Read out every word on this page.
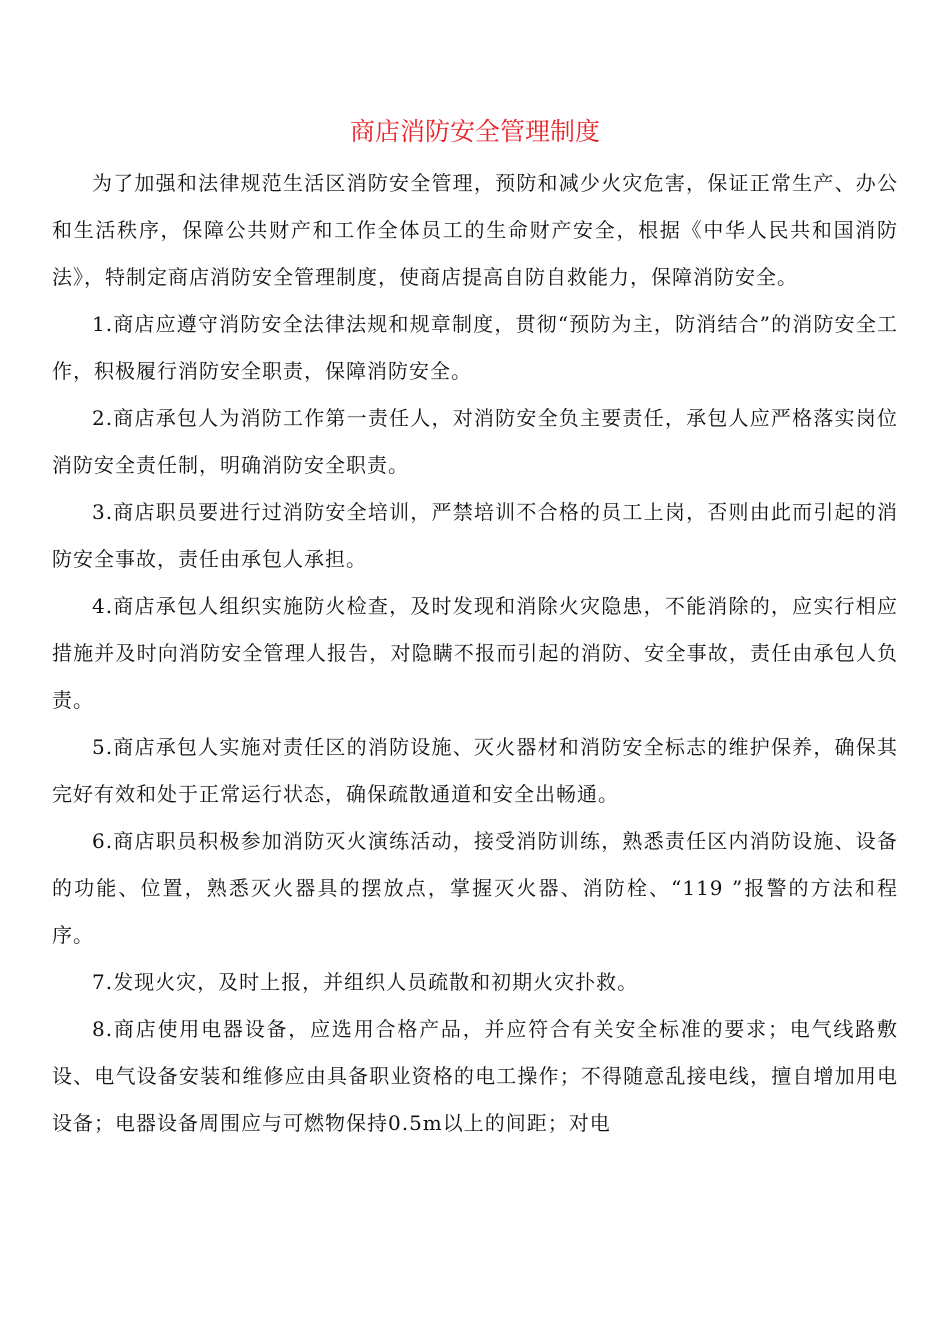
商店消防安全管理制度

为了加强和法律规范生活区消防安全管理，预防和减少火灾危害，保证正常生产、办公和生活秩序，保障公共财产和工作全体员工的生命财产安全，根据《中华人民共和国消防法》，特制定商店消防安全管理制度，使商店提高自防自救能力，保障消防安全。

1.商店应遵守消防安全法律法规和规章制度，贯彻“预防为主，防消结合”的消防安全工作，积极履行消防安全职责，保障消防安全。

2.商店承包人为消防工作第一责任人，对消防安全负主要责任，承包人应严格落实岗位消防安全责任制，明确消防安全职责。

3.商店职员要进行过消防安全培训，严禁培训不合格的员工上岗，否则由此而引起的消防安全事故，责任由承包人承担。

4.商店承包人组织实施防火检查，及时发现和消除火灾隐患，不能消除的，应实行相应措施并及时向消防安全管理人报告，对隐瞒不报而引起的消防、安全事故，责任由承包人负责。

5.商店承包人实施对责任区的消防设施、灭火器材和消防安全标志的维护保养，确保其完好有效和处于正常运行状态，确保疏散通道和安全出畅通。

6.商店职员积极参加消防灭火演练活动，接受消防训练，熟悉责任区内消防设施、设备的功能、位置，熟悉灭火器具的摆放点，掌握灭火器、消防栓、“119 ”报警的方法和程序。

7.发现火灾，及时上报，并组织人员疏散和初期火灾扑救。

8.商店使用电器设备，应选用合格产品，并应符合有关安全标准的要求；电气线路敷设、电气设备安装和维修应由具备职业资格的电工操作；不得随意乱接电线，擅自增加用电设备；电器设备周围应与可燃物保持0.5m以上的间距；对电
